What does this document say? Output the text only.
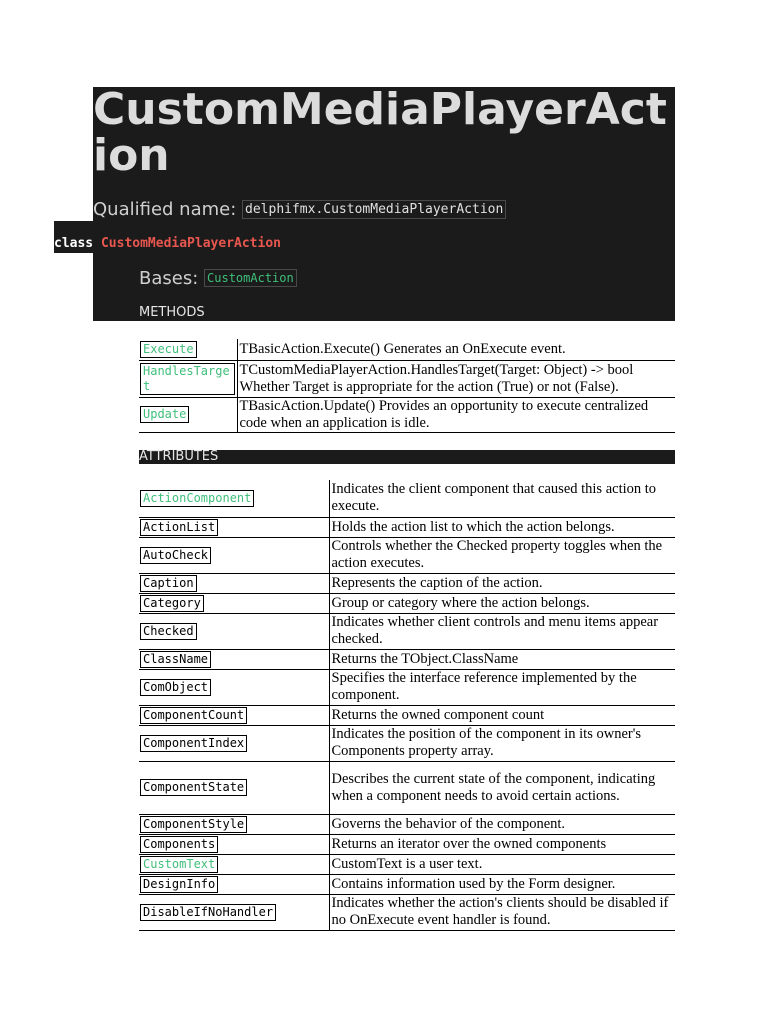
CustomMediaPlayerAction
Qualified name: delphifmx.CustomMediaPlayerAction
class CustomMediaPlayerAction
Bases: CustomAction
METHODS
Execute	TBasicAction.Execute() Generates an OnExecute event.
HandlesTarget	TCustomMediaPlayerAction.HandlesTarget(Target: Object) -> bool Whether Target is appropriate for the action (True) or not (False).
Update	TBasicAction.Update() Provides an opportunity to execute centralized code when an application is idle.
ATTRIBUTES
ActionComponent	Indicates the client component that caused this action to execute.
ActionList	Holds the action list to which the action belongs.
AutoCheck	Controls whether the Checked property toggles when the action executes.
Caption	Represents the caption of the action.
Category	Group or category where the action belongs.
Checked	Indicates whether client controls and menu items appear checked.
ClassName	Returns the TObject.ClassName
ComObject	Specifies the interface reference implemented by the component.
ComponentCount	Returns the owned component count
ComponentIndex	Indicates the position of the component in its owner's Components property array.
ComponentState	Describes the current state of the component, indicating when a component needs to avoid certain actions.
ComponentStyle	Governs the behavior of the component.
Components	Returns an iterator over the owned components
CustomText	CustomText is a user text.
DesignInfo	Contains information used by the Form designer.
DisableIfNoHandler	Indicates whether the action's clients should be disabled if no OnExecute event handler is found.
